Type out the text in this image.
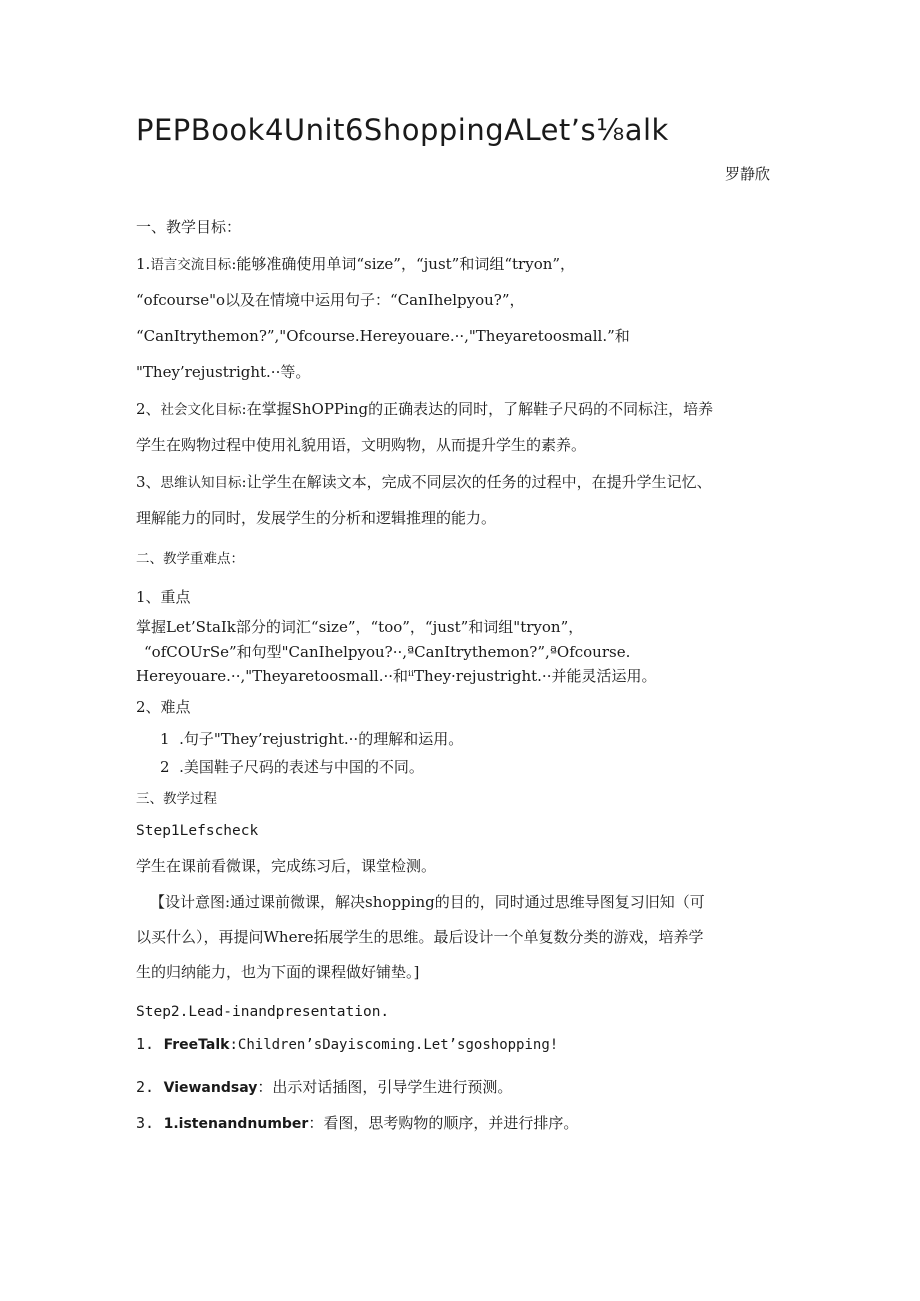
PEPBook4Unit6ShoppingALet’s⅛alk
罗静欣
一、教学目标：
1.语言交流目标:能够准确使用单词“size”，“just”和词组“tryon”，
“ofcourse"o以及在情境中运用句子：“CanIhelpyou?”，
“CanItrythemon?”,"Ofcourse.Hereyouare.··,"Theyaretoosmall.”和
"They’rejustright.··等。
2、社会文化目标:在掌握ShOPPing的正确表达的同时，了解鞋子尺码的不同标注，培养
学生在购物过程中使用礼貌用语，文明购物，从而提升学生的素养。
3、思维认知目标:让学生在解读文本，完成不同层次的任务的过程中，在提升学生记忆、
理解能力的同时，发展学生的分析和逻辑推理的能力。
二、教学重难点：
1、重点
掌握Let’StaIk部分的词汇“size”，“too”，“just”和词组"tryon”，
“ofCOUrSe”和句型"CanIhelpyou?··,ªCanItrythemon?”,ªOfcourse.
Hereyouare.··,"Theyaretoosmall.··和ⁱⁱThey·rejustright.··并能灵活运用。
2、难点
1 .句子"They’rejustright.··的理解和运用。
2 .美国鞋子尺码的表述与中国的不同。
三、教学过程
Step1Lefscheck
学生在课前看微课，完成练习后，课堂检测。
【设计意图:通过课前微课，解决shopping的目的，同时通过思维导图复习旧知（可
以买什么），再提问Where拓展学生的思维。最后设计一个单复数分类的游戏，培养学
生的归纳能力，也为下面的课程做好铺垫。]
Step2.Lead-inandpresentation.
1. FreeTalk:Children’sDayiscoming.Let’sgoshopping!
2. Viewandsay：出示对话插图，引导学生进行预测。
3. 1.istenandnumber：看图，思考购物的顺序，并进行排序。
